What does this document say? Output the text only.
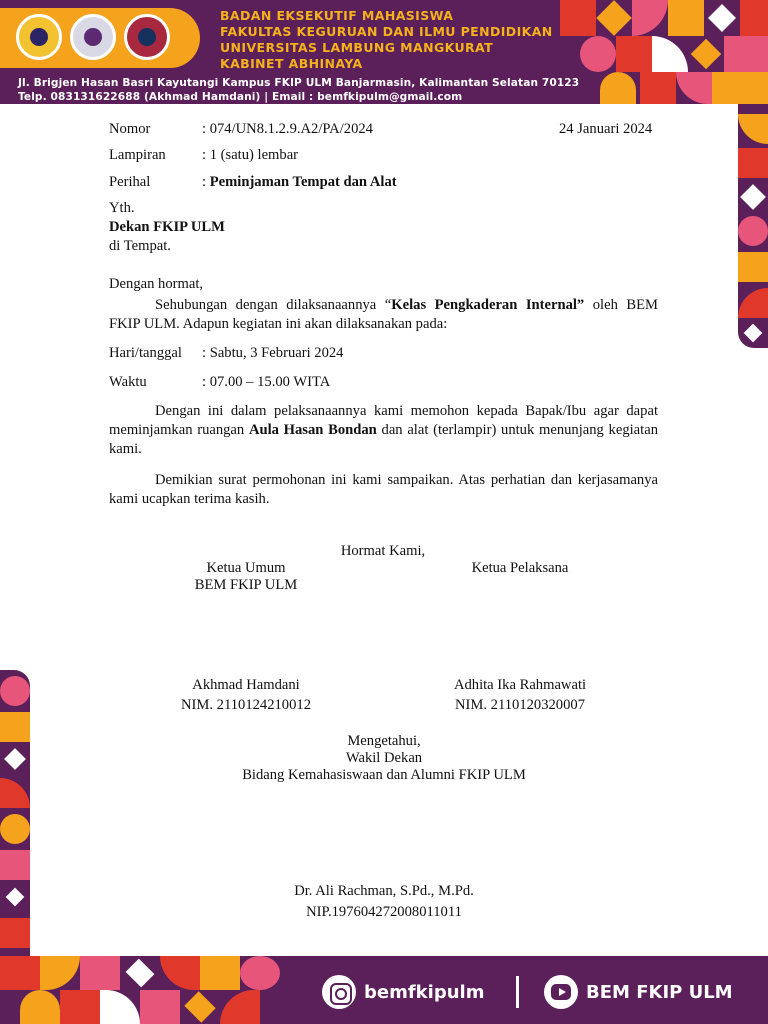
BADAN EKSEKUTIF MAHASISWA
FAKULTAS KEGURUAN DAN ILMU PENDIDIKAN
UNIVERSITAS LAMBUNG MANGKURAT
KABINET ABHINAYA
Jl. Brigjen Hasan Basri Kayutangi Kampus FKIP ULM Banjarmasin, Kalimantan Selatan 70123
Telp. 083131622688 (Akhmad Hamdani) | Email : bemfkipulm@gmail.com
bemfkipulm	BEM FKIP ULM
Nomor	: 074/UN8.1.2.9.A2/PA/2024	24 Januari 2024
Lampiran : 1 (satu) lembar
Perihal	: Peminjaman Tempat dan Alat
Yth.
Dekan FKIP ULM
di Tempat.
Dengan hormat,
Sehubungan dengan dilaksanaannya “Kelas Pengkaderan Internal” oleh BEM FKIP ULM. Adapun kegiatan ini akan dilaksanakan pada:
Hari/tanggal : Sabtu, 3 Februari 2024
Waktu	: 07.00 – 15.00 WITA
Dengan ini dalam pelaksanaannya kami memohon kepada Bapak/Ibu agar dapat meminjamkan ruangan Aula Hasan Bondan dan alat (terlampir) untuk menunjang kegiatan kami.
Demikian surat permohonan ini kami sampaikan. Atas perhatian dan kerjasamanya kami ucapkan terima kasih.
Hormat Kami,
Ketua Umum
BEM FKIP ULM
Ketua Pelaksana
Akhmad Hamdani
NIM. 2110124210012
Adhita Ika Rahmawati
NIM. 2110120320007
Mengetahui,
Wakil Dekan
Bidang Kemahasiswaan dan Alumni FKIP ULM
Dr. Ali Rachman, S.Pd., M.Pd.
NIP.197604272008011011
